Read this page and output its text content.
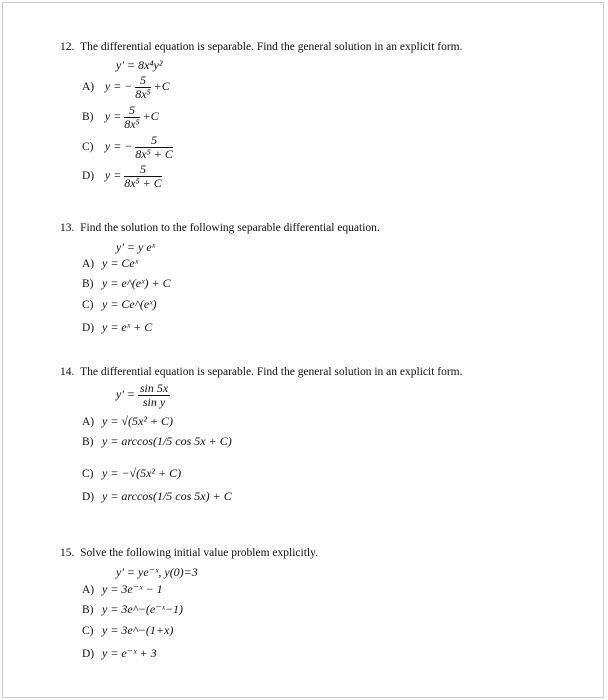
12. The differential equation is separable. Find the general solution in an explicit form.
y' = 8x⁴y²
A) y = − $\frac{5}{\text{8x⁵}} +C$
B) $y = \frac{5}{\text{8x⁵}} +C$
C) y = − $\frac{5}{\text{8x⁵ + C}}$
D) $y = \frac{5}{\text{8x⁵ + C}}$
13. Find the solution to the following separable differential equation.
y' = y eˣ
A) y = Ceˣ
B) y = e^(eˣ) + C
C) y = Ce^(eˣ)
D) y = eˣ + C
14. The differential equation is separable. Find the general solution in an explicit form.
$y' = \frac{\sin 5x}{\text{sin y}}$
A) y = √(5x² + C)
B) y = arccos(1/5 cos 5x + C)
C) y = −√(5x² + C)
D) y = arccos(1/5 cos 5x) + C
15. Solve the following initial value problem explicitly.
y' = ye⁻ˣ, y(0)=3
A) y = 3e⁻ˣ − 1
B) y = 3e^−(e⁻ˣ−1)
C) y = 3e^−(1+x)
D) y = e⁻ˣ + 3
